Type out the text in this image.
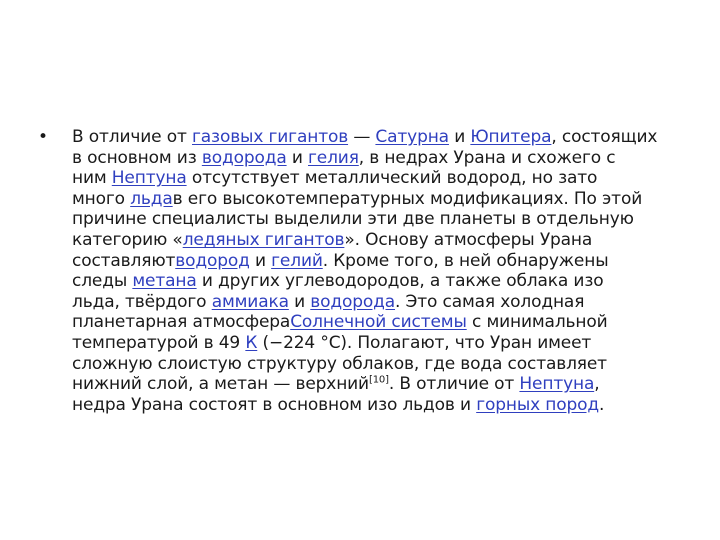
•	В отличие от газовых гигантов — Сатурна и Юпитера, состоящих
в основном из водорода и гелия, в недрах Урана и схожего с
ним Нептуна отсутствует металлический водород, но зато
много льдав его высокотемпературных модификациях. По этой
причине специалисты выделили эти две планеты в отдельную
категорию «ледяных гигантов». Основу атмосферы Урана
составляютводород и гелий. Кроме того, в ней обнаружены
следы метана и других углеводородов, а также облака изо
льда, твёрдого аммиака и водорода. Это самая холодная
планетарная атмосфераСолнечной системы с минимальной
температурой в 49 К (−224 °С). Полагают, что Уран имеет
сложную слоистую структуру облаков, где вода составляет
нижний слой, а метан — верхний[10]. В отличие от Нептуна,
недра Урана состоят в основном изо льдов и горных пород.
